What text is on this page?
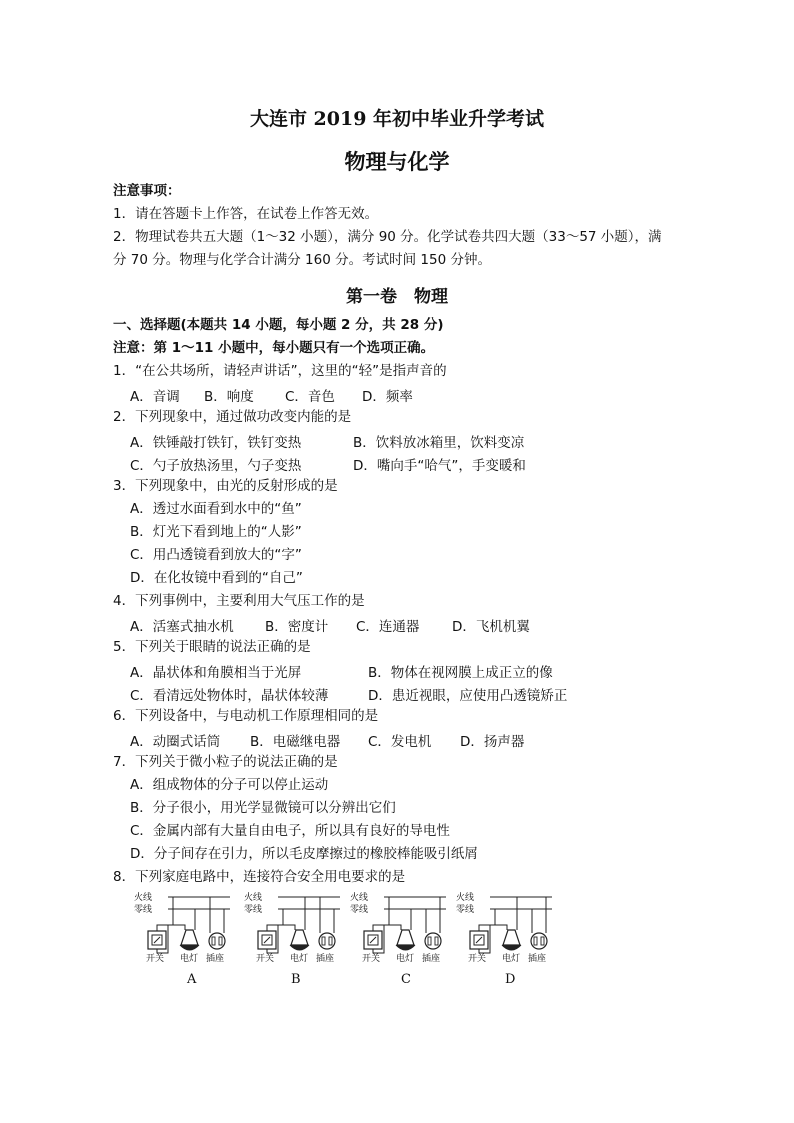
大连市 2019 年初中毕业升学考试
物理与化学
注意事项：
1．请在答题卡上作答，在试卷上作答无效。
2．物理试卷共五大题（1～32 小题），满分 90 分。化学试卷共四大题（33～57 小题），满
分 70 分。物理与化学合计满分 160 分。考试时间 150 分钟。
第一卷　物理
一、选择题(本题共 14 小题，每小题 2 分，共 28 分)
注意：第 1～11 小题中，每小题只有一个选项正确。
1．“在公共场所，请轻声讲话”，这里的“轻”是指声音的
A．音调 B．响度 C．音色 D．频率
2．下列现象中，通过做功改变内能的是
A．铁锤敲打铁钉，铁钉变热	B．饮料放冰箱里，饮料变凉
C．勺子放热汤里，勺子变热	D．嘴向手“哈气”，手变暖和
3．下列现象中，由光的反射形成的是
A．透过水面看到水中的“鱼”
B．灯光下看到地上的“人影”
C．用凸透镜看到放大的“字”
D．在化妆镜中看到的“自己”
4．下列事例中，主要利用大气压工作的是
A．活塞式抽水机 B．密度计 C．连通器 D．飞机机翼
5．下列关于眼睛的说法正确的是
A．晶状体和角膜相当于光屏	B．物体在视网膜上成正立的像
C．看清远处物体时，晶状体较薄	D．患近视眼，应使用凸透镜矫正
6．下列设备中，与电动机工作原理相同的是
A．动圈式话筒 B．电磁继电器 C．发电机 D．扬声器
7．下列关于微小粒子的说法正确的是
A．组成物体的分子可以停止运动
B．分子很小，用光学显微镜可以分辨出它们
C．金属内部有大量自由电子，所以具有良好的导电性
D．分子间存在引力，所以毛皮摩擦过的橡胶棒能吸引纸屑
8．下列家庭电路中，连接符合安全用电要求的是
火线
零线
开关 电灯 插座
A
火线
零线
开关 电灯 插座
B
火线
零线
开关 电灯 插座
C
火线
零线
开关 电灯 插座
D
